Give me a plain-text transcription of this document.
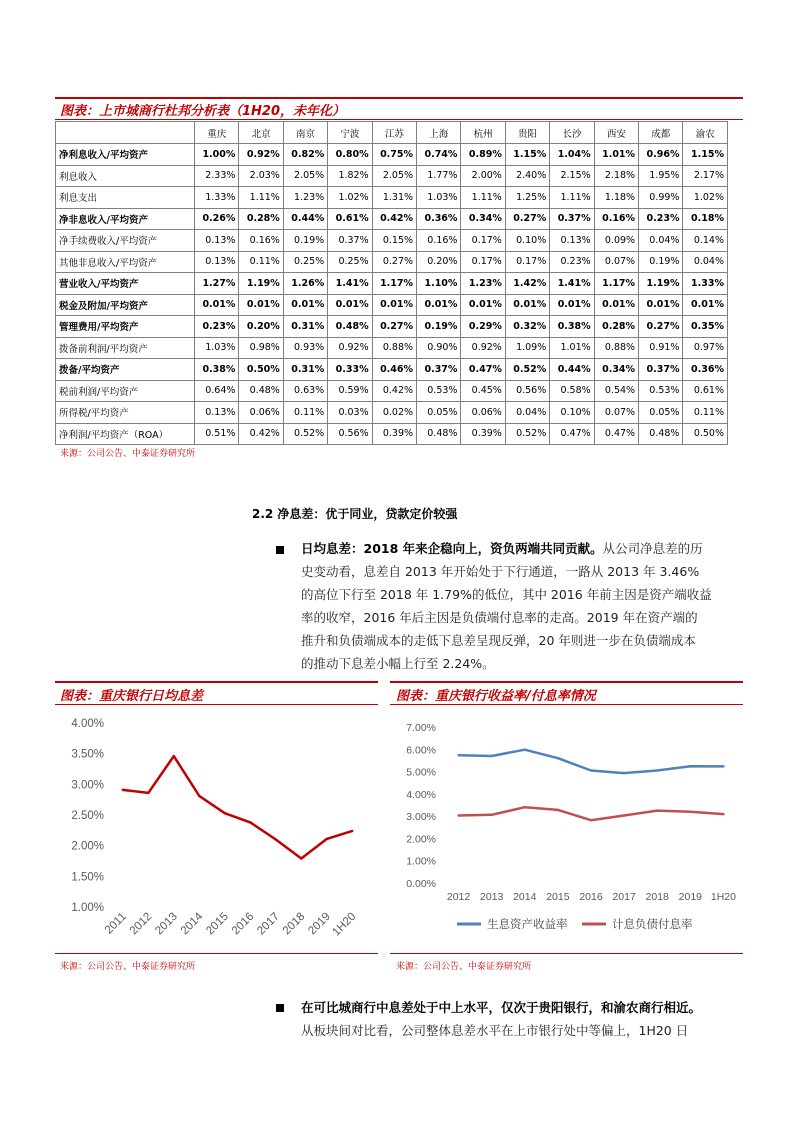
图表：上市城商行杜邦分析表（1H20，未年化）
	重庆	北京	南京	宁波	江苏	上海	杭州	贵阳	长沙	西安	成都	渝农
净利息收入/平均资产	1.00%	0.92%	0.82%	0.80%	0.75%	0.74%	0.89%	1.15%	1.04%	1.01%	0.96%	1.15%
利息收入	2.33%	2.03%	2.05%	1.82%	2.05%	1.77%	2.00%	2.40%	2.15%	2.18%	1.95%	2.17%
利息支出	1.33%	1.11%	1.23%	1.02%	1.31%	1.03%	1.11%	1.25%	1.11%	1.18%	0.99%	1.02%
净非息收入/平均资产	0.26%	0.28%	0.44%	0.61%	0.42%	0.36%	0.34%	0.27%	0.37%	0.16%	0.23%	0.18%
净手续费收入/平均资产	0.13%	0.16%	0.19%	0.37%	0.15%	0.16%	0.17%	0.10%	0.13%	0.09%	0.04%	0.14%
其他非息收入/平均资产	0.13%	0.11%	0.25%	0.25%	0.27%	0.20%	0.17%	0.17%	0.23%	0.07%	0.19%	0.04%
营业收入/平均资产	1.27%	1.19%	1.26%	1.41%	1.17%	1.10%	1.23%	1.42%	1.41%	1.17%	1.19%	1.33%
税金及附加/平均资产	0.01%	0.01%	0.01%	0.01%	0.01%	0.01%	0.01%	0.01%	0.01%	0.01%	0.01%	0.01%
管理费用/平均资产	0.23%	0.20%	0.31%	0.48%	0.27%	0.19%	0.29%	0.32%	0.38%	0.28%	0.27%	0.35%
拨备前利润/平均资产	1.03%	0.98%	0.93%	0.92%	0.88%	0.90%	0.92%	1.09%	1.01%	0.88%	0.91%	0.97%
拨备/平均资产	0.38%	0.50%	0.31%	0.33%	0.46%	0.37%	0.47%	0.52%	0.44%	0.34%	0.37%	0.36%
税前利润/平均资产	0.64%	0.48%	0.63%	0.59%	0.42%	0.53%	0.45%	0.56%	0.58%	0.54%	0.53%	0.61%
所得税/平均资产	0.13%	0.06%	0.11%	0.03%	0.02%	0.05%	0.06%	0.04%	0.10%	0.07%	0.05%	0.11%
净利润/平均资产（ROA）	0.51%	0.42%	0.52%	0.56%	0.39%	0.48%	0.39%	0.52%	0.47%	0.47%	0.48%	0.50%
来源：公司公告、中泰证券研究所
2.2 净息差：优于同业，贷款定价较强
日均息差：2018 年来企稳向上，资负两端共同贡献。从公司净息差的历
史变动看，息差自 2013 年开始处于下行通道，一路从 2013 年 3.46%
的高位下行至 2018 年 1.79%的低位，其中 2016 年前主因是资产端收益
率的收窄，2016 年后主因是负债端付息率的走高。2019 年在资产端的
推升和负债端成本的走低下息差呈现反弹，20 年则进一步在负债端成本
的推动下息差小幅上行至 2.24%。
图表：重庆银行日均息差
1.00%
1.50%
2.00%
2.50%
3.00%
3.50%
4.00%
2011
2012
2013
2014
2015
2016
2017
2018
2019
1H20
来源：公司公告、中泰证券研究所
图表：重庆银行收益率/付息率情况
0.00%
1.00%
2.00%
3.00%
4.00%
5.00%
6.00%
7.00%
2012 2013 2014 2015 2016 2017 2018 2019 1H20
生息资产收益率	计息负债付息率
来源：公司公告、中泰证券研究所
在可比城商行中息差处于中上水平，仅次于贵阳银行，和渝农商行相近。
从板块间对比看，公司整体息差水平在上市银行处中等偏上，1H20 日
